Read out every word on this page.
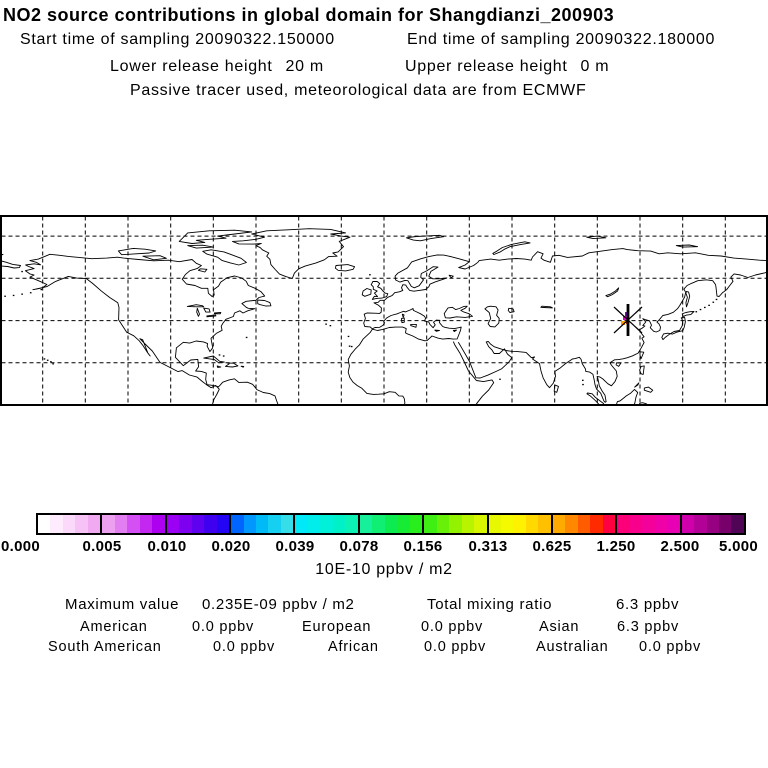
NO2 source contributions in global domain for Shangdianzi_200903
Start time of sampling 20090322.150000	End time of sampling 20090322.180000
Lower release height 20 m	Upper release height 0 m
Passive tracer used, meteorological data are from ECMWF
0.000	0.005 0.010 0.020 0.039 0.078 0.156 0.313 0.625 1.250 2.500 5.000
10E-10 ppbv / m2
Maximum value 0.235E-09 ppbv / m2	Total mixing ratio	6.3 ppbv
American	0.0 ppbv	European	0.0 ppbv	Asian	6.3 ppbv
South American	0.0 ppbv	African	0.0 ppbv	Australian 0.0 ppbv
